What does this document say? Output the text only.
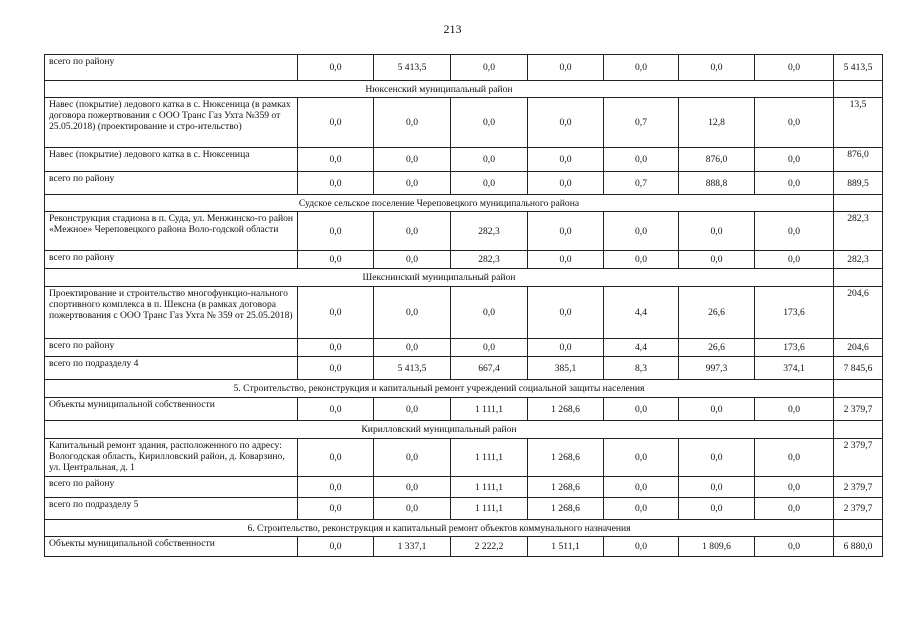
213
всего по району	0,0	5 413,5	0,0	0,0	0,0	0,0	0,0	5 413,5	
Нюксенский муниципальный район									
Навес (покрытие) ледового катка в с. Нюксеница (в рамках договора пожертвования с ООО Транс Газ Ухта №359 от 25.05.2018) (проектирование и стро-ительство)	0,0	0,0	0,0	0,0	0,7	12,8	0,0	13,5	
Навес (покрытие) ледового катка в с. Нюксеница	0,0	0,0	0,0	0,0	0,0	876,0	0,0	876,0	
всего по району	0,0	0,0	0,0	0,0	0,7	888,8	0,0	889,5	
Судское сельское поселение Череповецкого муниципального района									
Реконструкция стадиона в п. Суда, ул. Менжинско-го район «Межное» Череповецкого района Воло-годской области	0,0	0,0	282,3	0,0	0,0	0,0	0,0	282,3	
всего по району	0,0	0,0	282,3	0,0	0,0	0,0	0,0	282,3	
Шекснинский муниципальный район									
Проектирование и строительство многофункцио-нального спортивного комплекса в п. Шексна (в рамках договора пожертвования с ООО Транс Газ Ухта № 359 от 25.05.2018)	0,0	0,0	0,0	0,0	4,4	26,6	173,6	204,6	
всего по району	0,0	0,0	0,0	0,0	4,4	26,6	173,6	204,6	
всего по подразделу 4	0,0	5 413,5	667,4	385,1	8,3	997,3	374,1	7 845,6	
5. Строительство, реконструкция и капитальный ремонт учреждений социальной защиты населения									
Объекты муниципальной собственности	0,0	0,0	1 111,1	1 268,6	0,0	0,0	0,0	2 379,7	
Кирилловский муниципальный район									
Капитальный ремонт здания, расположенного по адресу: Вологодская область, Кирилловский район, д. Коварзино, ул. Центральная, д. 1	0,0	0,0	1 111,1	1 268,6	0,0	0,0	0,0	2 379,7	
всего по району	0,0	0,0	1 111,1	1 268,6	0,0	0,0	0,0	2 379,7	
всего по подразделу 5	0,0	0,0	1 111,1	1 268,6	0,0	0,0	0,0	2 379,7	
6. Строительство, реконструкция и капитальный ремонт объектов коммунального назначения									
Объекты муниципальной собственности	0,0	1 337,1	2 222,2	1 511,1	0,0	1 809,6	0,0	6 880,0	
